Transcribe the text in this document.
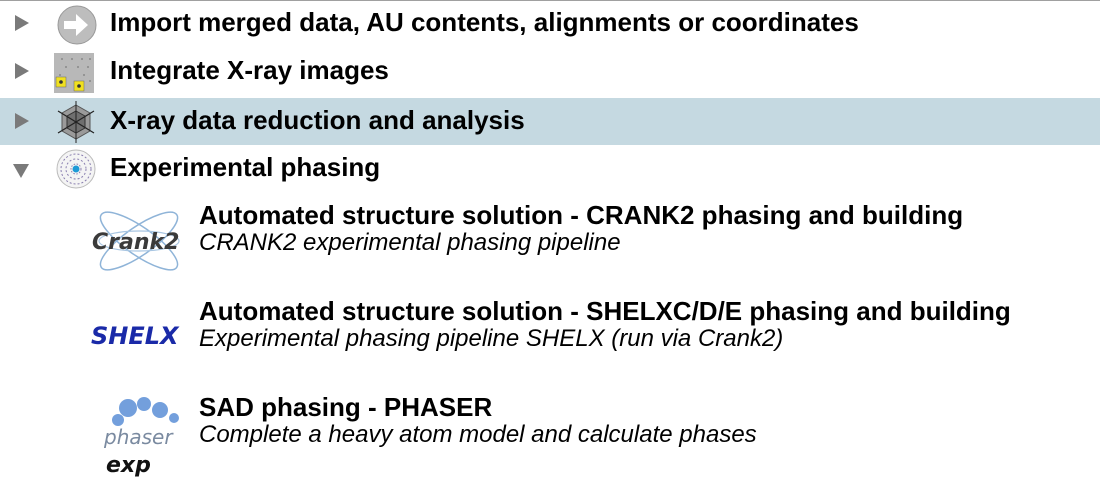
Import merged data, AU contents, alignments or coordinates
Integrate X-ray images
X-ray data reduction and analysis
Experimental phasing
Crank2
Automated structure solution - CRANK2 phasing and building
CRANK2 experimental phasing pipeline
SHELX
Automated structure solution - SHELXC/D/E phasing and building
Experimental phasing pipeline SHELX (run via Crank2)
phaser
exp
SAD phasing - PHASER
Complete a heavy atom model and calculate phases
